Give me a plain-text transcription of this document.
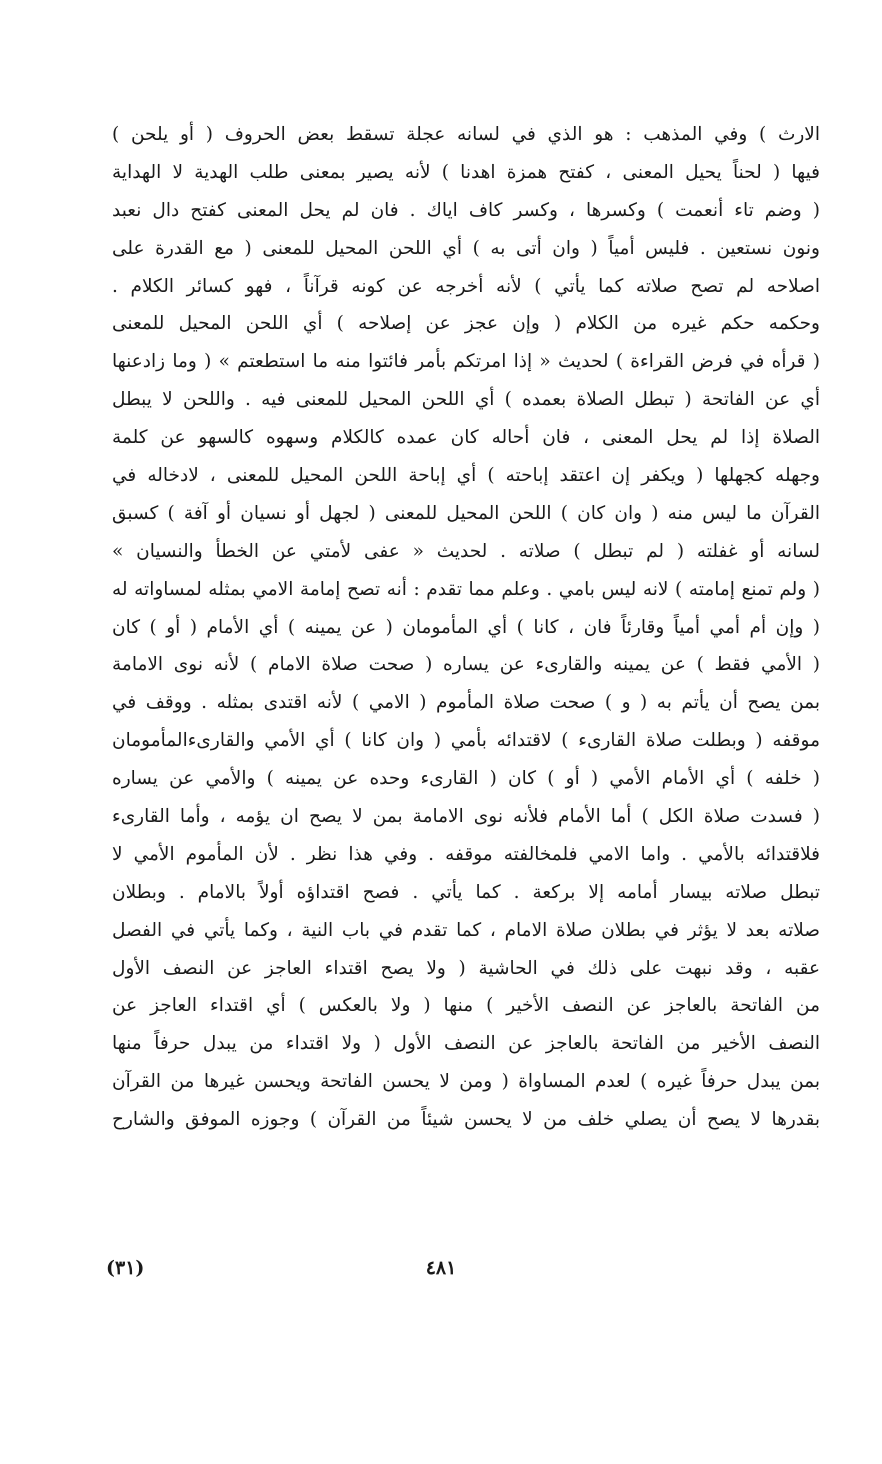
الارث ) وفي المذهب : هو الذي في لسانه عجلة تسقط بعض الحروف ( أو يلحن )
فيها ( لحناً يحيل المعنى ، كفتح همزة اهدنا ) لأنه يصير بمعنى طلب الهدية لا الهداية
( وضم تاء أنعمت ) وكسرها ، وكسر كاف اياك . فان لم يحل المعنى كفتح دال نعبد
ونون نستعين . فليس أمياً ( وان أتى به ) أي اللحن المحيل للمعنى ( مع القدرة على
اصلاحه لم تصح صلاته كما يأتي ) لأنه أخرجه عن كونه قرآناً ، فهو كسائر الكلام .
وحكمه حكم غيره من الكلام ( وإن عجز عن إصلاحه ) أي اللحن المحيل للمعنى
( قرأه في فرض القراءة ) لحديث « إذا امرتكم بأمر فائتوا منه ما استطعتم » ( وما زادعنها
أي عن الفاتحة ( تبطل الصلاة بعمده ) أي اللحن المحيل للمعنى فيه . واللحن لا يبطل
الصلاة إذا لم يحل المعنى ، فان أحاله كان عمده كالكلام وسهوه كالسهو عن كلمة
وجهله كجهلها ( ويكفر إن اعتقد إباحته ) أي إباحة اللحن المحيل للمعنى ، لادخاله في
القرآن ما ليس منه ( وان كان ) اللحن المحيل للمعنى ( لجهل أو نسيان أو آفة ) كسبق
لسانه أو غفلته ( لم تبطل ) صلاته . لحديث « عفى لأمتي عن الخطأ والنسيان »
( ولم تمنع إمامته ) لانه ليس بامي . وعلم مما تقدم : أنه تصح إمامة الامي بمثله لمساواته له
( وإن أم أمي أمياً وقارئاً فان ، كانا ) أي المأمومان ( عن يمينه ) أي الأمام ( أو ) كان
( الأمي فقط ) عن يمينه والقارىء عن يساره ( صحت صلاة الامام ) لأنه نوى الامامة
بمن يصح أن يأتم به ( و ) صحت صلاة المأموم ( الامي ) لأنه اقتدى بمثله . ووقف في
موقفه ( وبطلت صلاة القارىء ) لاقتدائه بأمي ( وان كانا ) أي الأمي والقارىءالمأمومان
( خلفه ) أي الأمام الأمي ( أو ) كان ( القارىء وحده عن يمينه ) والأمي عن يساره
( فسدت صلاة الكل ) أما الأمام فلأنه نوى الامامة بمن لا يصح ان يؤمه ، وأما القارىء
فلاقتدائه بالأمي . واما الامي فلمخالفته موقفه . وفي هذا نظر . لأن المأموم الأمي لا
تبطل صلاته بيسار أمامه إلا بركعة . كما يأتي . فصح اقتداؤه أولاً بالامام . وبطلان
صلاته بعد لا يؤثر في بطلان صلاة الامام ، كما تقدم في باب النية ، وكما يأتي في الفصل
عقبه ، وقد نبهت على ذلك في الحاشية ( ولا يصح اقتداء العاجز عن النصف الأول
من الفاتحة بالعاجز عن النصف الأخير ) منها ( ولا بالعكس ) أي اقتداء العاجز عن
النصف الأخير من الفاتحة بالعاجز عن النصف الأول ( ولا اقتداء من يبدل حرفاً منها
بمن يبدل حرفاً غيره ) لعدم المساواة ( ومن لا يحسن الفاتحة ويحسن غيرها من القرآن
بقدرها لا يصح أن يصلي خلف من لا يحسن شيئاً من القرآن ) وجوزه الموفق والشارح
٤٨١
(٣١)
